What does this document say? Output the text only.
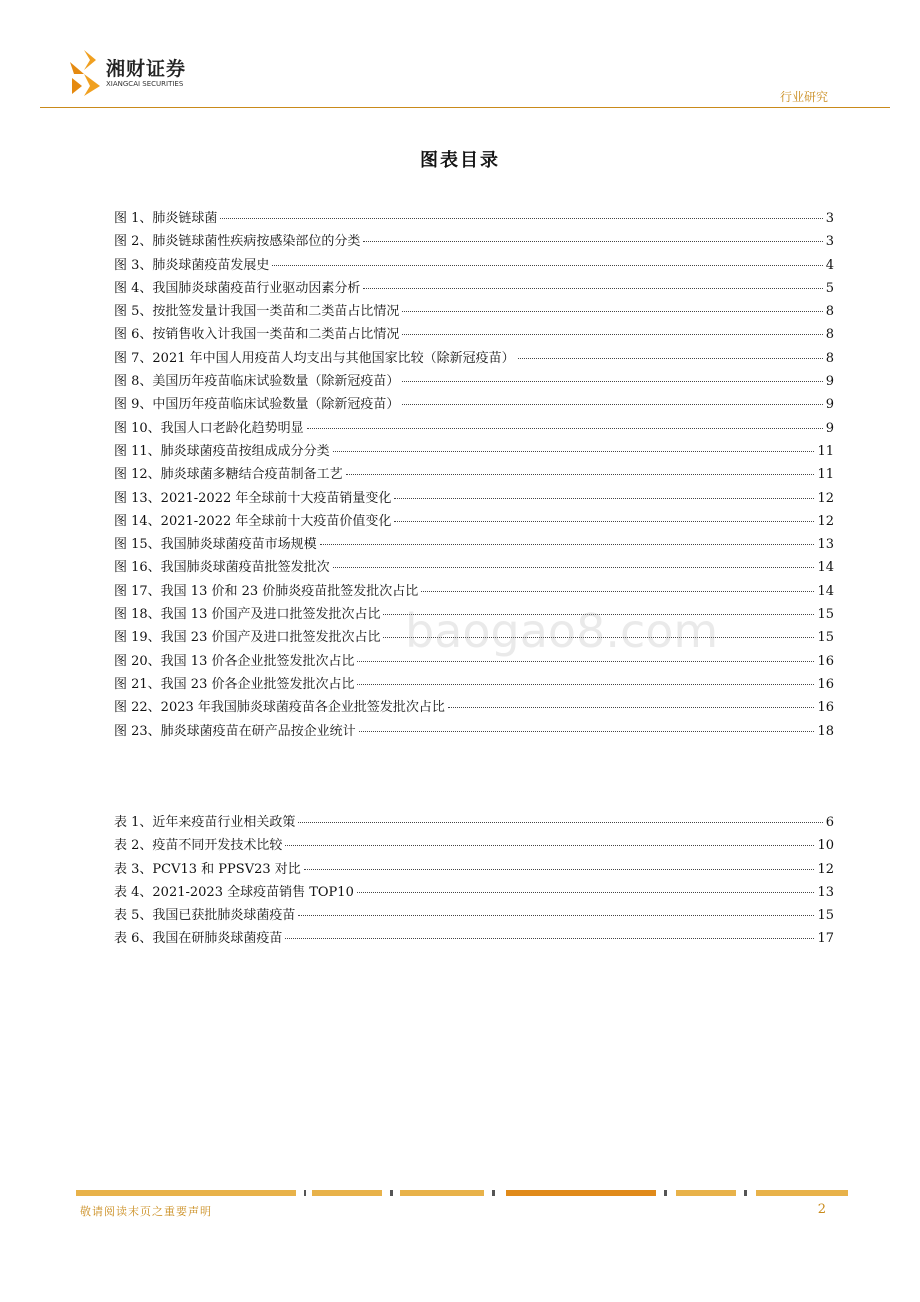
湘财证券
XIANGCAI SECURITIES
行业研究
图表目录
图 1、肺炎链球菌	3
图 2、肺炎链球菌性疾病按感染部位的分类	3
图 3、肺炎球菌疫苗发展史	4
图 4、我国肺炎球菌疫苗行业驱动因素分析	5
图 5、按批签发量计我国一类苗和二类苗占比情况	8
图 6、按销售收入计我国一类苗和二类苗占比情况	8
图 7、2021 年中国人用疫苗人均支出与其他国家比较（除新冠疫苗）	8
图 8、美国历年疫苗临床试验数量（除新冠疫苗）	9
图 9、中国历年疫苗临床试验数量（除新冠疫苗）	9
图 10、我国人口老龄化趋势明显	9
图 11、肺炎球菌疫苗按组成成分分类	11
图 12、肺炎球菌多糖结合疫苗制备工艺	11
图 13、2021-2022 年全球前十大疫苗销量变化	12
图 14、2021-2022 年全球前十大疫苗价值变化	12
图 15、我国肺炎球菌疫苗市场规模	13
图 16、我国肺炎球菌疫苗批签发批次	14
图 17、我国 13 价和 23 价肺炎疫苗批签发批次占比	14
图 18、我国 13 价国产及进口批签发批次占比	15
图 19、我国 23 价国产及进口批签发批次占比	15
图 20、我国 13 价各企业批签发批次占比	16
图 21、我国 23 价各企业批签发批次占比	16
图 22、2023 年我国肺炎球菌疫苗各企业批签发批次占比	16
图 23、肺炎球菌疫苗在研产品按企业统计	18
表 1、近年来疫苗行业相关政策	6
表 2、疫苗不同开发技术比较	10
表 3、PCV13 和 PPSV23 对比	12
表 4、2021-2023 全球疫苗销售 TOP10	13
表 5、我国已获批肺炎球菌疫苗	15
表 6、我国在研肺炎球菌疫苗	17
baogao8.com
敬请阅读末页之重要声明	2
